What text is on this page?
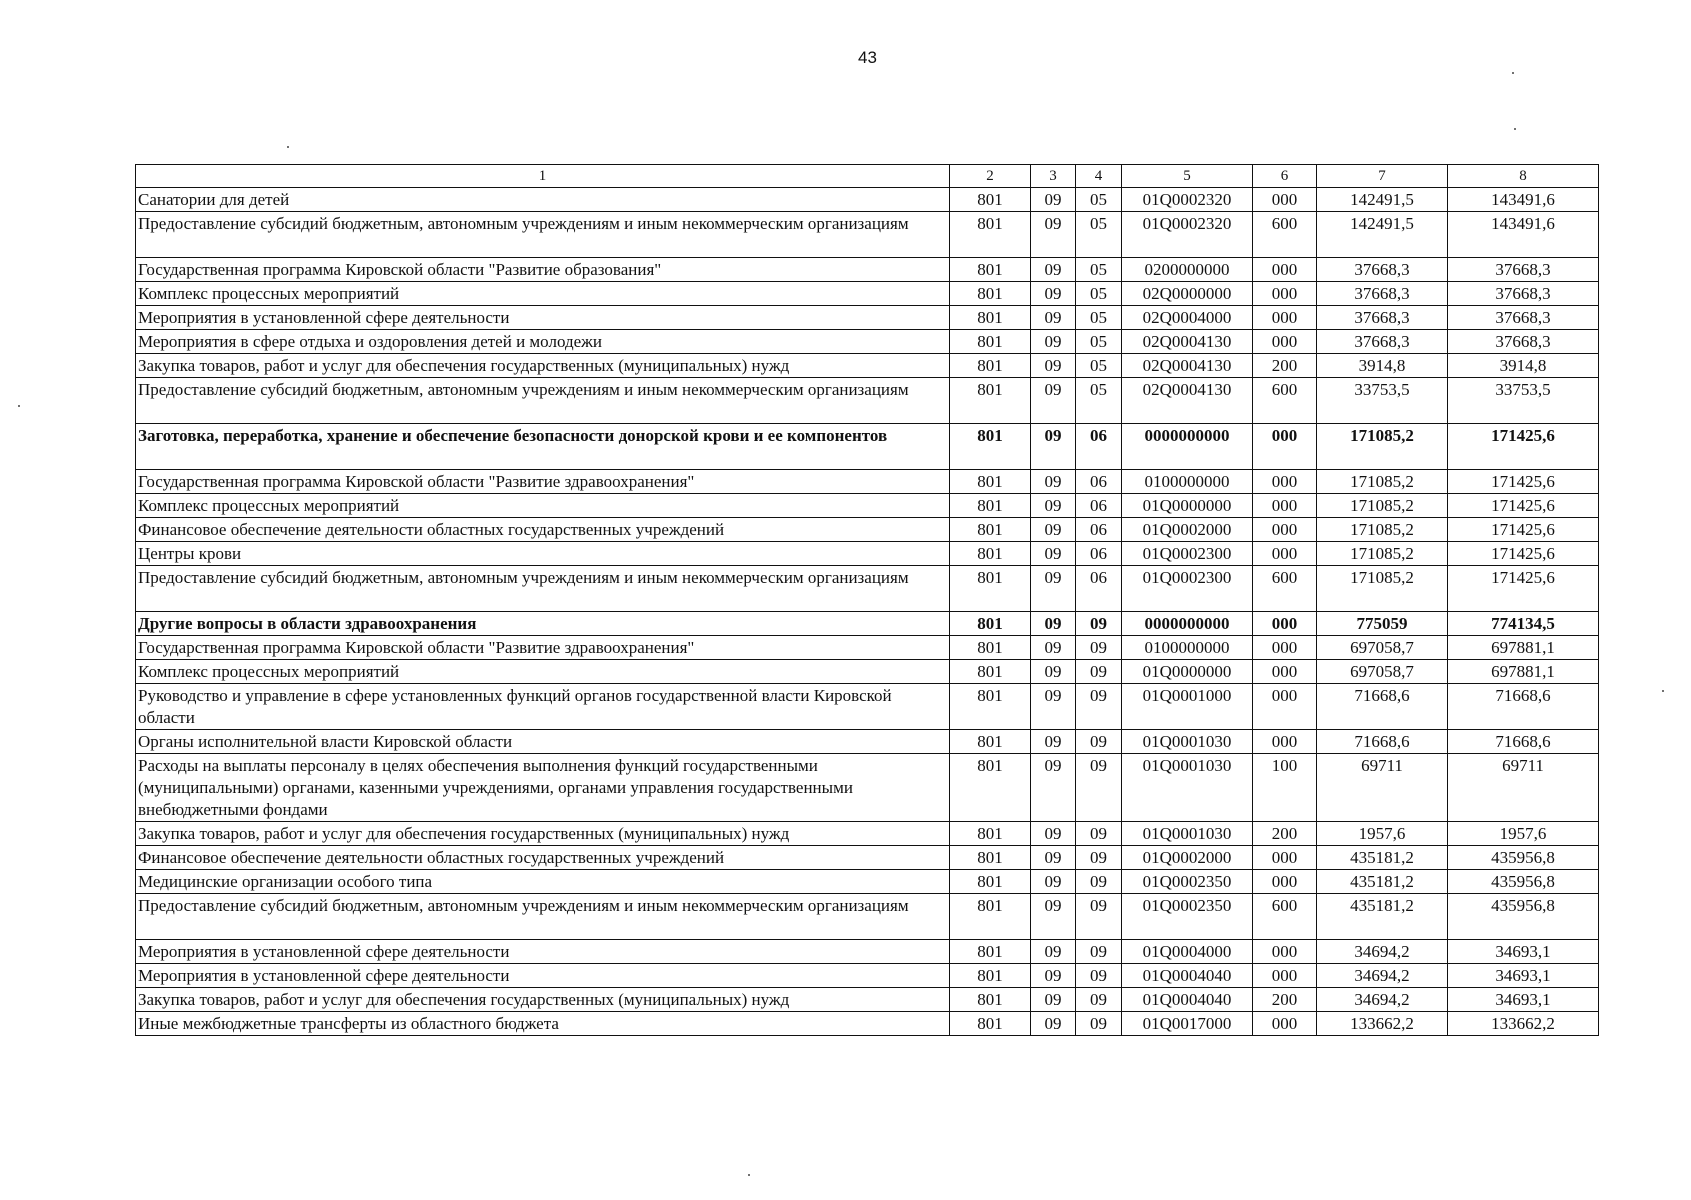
43
1	2	3	4	5	6	7	8
Санатории для детей	801	09	05	01Q0002320	000	142491,5	143491,6
Предоставление субсидий бюджетным, автономным учреждениям и иным некоммерческим организациям	801	09	05	01Q0002320	600	142491,5	143491,6
Государственная программа Кировской области "Развитие образования"	801	09	05	0200000000	000	37668,3	37668,3
Комплекс процессных мероприятий	801	09	05	02Q0000000	000	37668,3	37668,3
Мероприятия в установленной сфере деятельности	801	09	05	02Q0004000	000	37668,3	37668,3
Мероприятия в сфере отдыха и оздоровления детей и молодежи	801	09	05	02Q0004130	000	37668,3	37668,3
Закупка товаров, работ и услуг для обеспечения государственных (муниципальных) нужд	801	09	05	02Q0004130	200	3914,8	3914,8
Предоставление субсидий бюджетным, автономным учреждениям и иным некоммерческим организациям	801	09	05	02Q0004130	600	33753,5	33753,5
Заготовка, переработка, хранение и обеспечение безопасности донорской крови и ее компонентов	801	09	06	0000000000	000	171085,2	171425,6
Государственная программа Кировской области "Развитие здравоохранения"	801	09	06	0100000000	000	171085,2	171425,6
Комплекс процессных мероприятий	801	09	06	01Q0000000	000	171085,2	171425,6
Финансовое обеспечение деятельности областных государственных учреждений	801	09	06	01Q0002000	000	171085,2	171425,6
Центры крови	801	09	06	01Q0002300	000	171085,2	171425,6
Предоставление субсидий бюджетным, автономным учреждениям и иным некоммерческим организациям	801	09	06	01Q0002300	600	171085,2	171425,6
Другие вопросы в области здравоохранения	801	09	09	0000000000	000	775059	774134,5
Государственная программа Кировской области "Развитие здравоохранения"	801	09	09	0100000000	000	697058,7	697881,1
Комплекс процессных мероприятий	801	09	09	01Q0000000	000	697058,7	697881,1
Руководство и управление в сфере установленных функций органов государственной власти Кировской области	801	09	09	01Q0001000	000	71668,6	71668,6
Органы исполнительной власти Кировской области	801	09	09	01Q0001030	000	71668,6	71668,6
Расходы на выплаты персоналу в целях обеспечения выполнения функций государственными (муниципальными) органами, казенными учреждениями, органами управления государственными внебюджетными фондами	801	09	09	01Q0001030	100	69711	69711
Закупка товаров, работ и услуг для обеспечения государственных (муниципальных) нужд	801	09	09	01Q0001030	200	1957,6	1957,6
Финансовое обеспечение деятельности областных государственных учреждений	801	09	09	01Q0002000	000	435181,2	435956,8
Медицинские организации особого типа	801	09	09	01Q0002350	000	435181,2	435956,8
Предоставление субсидий бюджетным, автономным учреждениям и иным некоммерческим организациям	801	09	09	01Q0002350	600	435181,2	435956,8
Мероприятия в установленной сфере деятельности	801	09	09	01Q0004000	000	34694,2	34693,1
Мероприятия в установленной сфере деятельности	801	09	09	01Q0004040	000	34694,2	34693,1
Закупка товаров, работ и услуг для обеспечения государственных (муниципальных) нужд	801	09	09	01Q0004040	200	34694,2	34693,1
Иные межбюджетные трансферты из областного бюджета	801	09	09	01Q0017000	000	133662,2	133662,2
